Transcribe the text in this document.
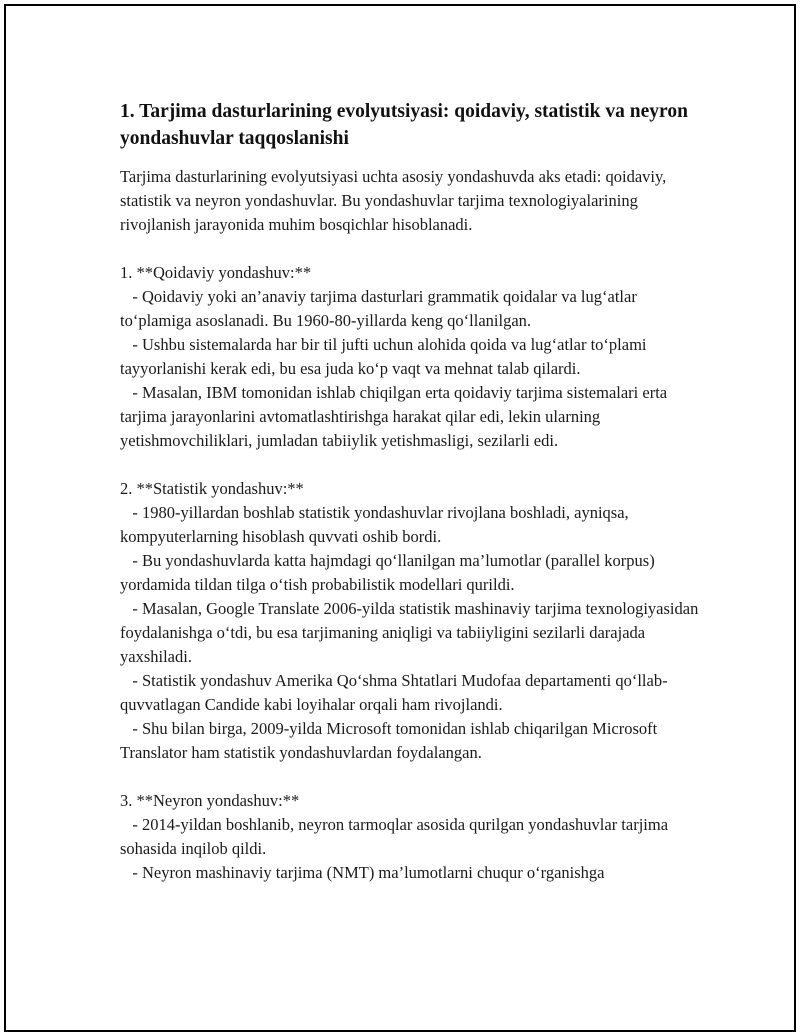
1. Tarjima dasturlarining evolyutsiyasi: qoidaviy, statistik va neyron yondashuvlar taqqoslanishi

Tarjima dasturlarining evolyutsiyasi uchta asosiy yondashuvda aks etadi: qoidaviy, statistik va neyron yondashuvlar. Bu yondashuvlar tarjima texnologiyalarining rivojlanish jarayonida muhim bosqichlar hisoblanadi.

1. **Qoidaviy yondashuv:**

- Qoidaviy yoki an’anaviy tarjima dasturlari grammatik qoidalar va lug‘atlar to‘plamiga asoslanadi. Bu 1960-80-yillarda keng qo‘llanilgan.
- Ushbu sistemalarda har bir til jufti uchun alohida qoida va lug‘atlar to‘plami tayyorlanishi kerak edi, bu esa juda ko‘p vaqt va mehnat talab qilardi.
- Masalan, IBM tomonidan ishlab chiqilgan erta qoidaviy tarjima sistemalari erta tarjima jarayonlarini avtomatlashtirishga harakat qilar edi, lekin ularning yetishmovchiliklari, jumladan tabiiylik yetishmasligi, sezilarli edi.

2. **Statistik yondashuv:**

- 1980-yillardan boshlab statistik yondashuvlar rivojlana boshladi, ayniqsa, kompyuterlarning hisoblash quvvati oshib bordi.
- Bu yondashuvlarda katta hajmdagi qo‘llanilgan ma’lumotlar (parallel korpus) yordamida tildan tilga o‘tish probabilistik modellari qurildi.
- Masalan, Google Translate 2006-yilda statistik mashinaviy tarjima texnologiyasidan foydalanishga o‘tdi, bu esa tarjimaning aniqligi va tabiiyligini sezilarli darajada yaxshiladi.
- Statistik yondashuv Amerika Qo‘shma Shtatlari Mudofaa departamenti qo‘llab-quvvatlagan Candide kabi loyihalar orqali ham rivojlandi.
- Shu bilan birga, 2009-yilda Microsoft tomonidan ishlab chiqarilgan Microsoft Translator ham statistik yondashuvlardan foydalangan.

3. **Neyron yondashuv:**

- 2014-yildan boshlanib, neyron tarmoqlar asosida qurilgan yondashuvlar tarjima sohasida inqilob qildi.
- Neyron mashinaviy tarjima (NMT) ma’lumotlarni chuqur o‘rganishga
